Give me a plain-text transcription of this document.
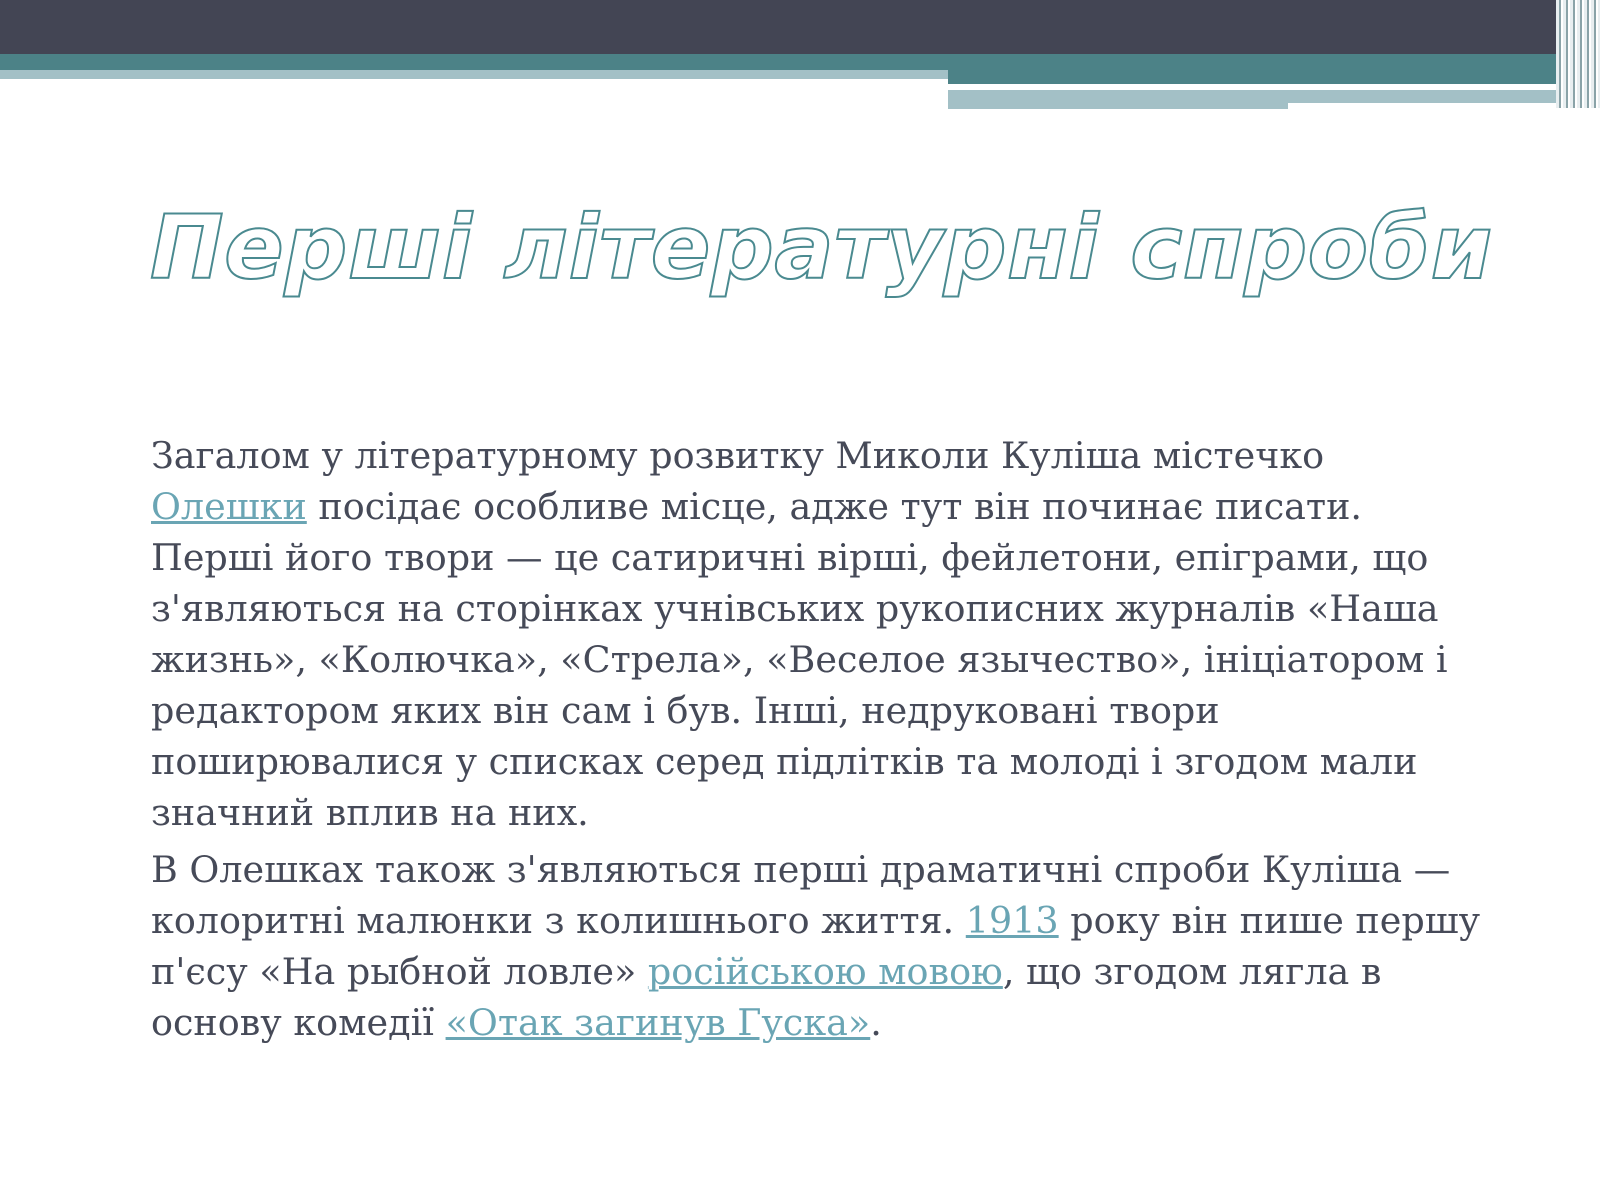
Перші літературні спроби

Загалом у літературному розвитку Миколи Куліша містечко Олешки посідає особливе місце, адже тут він починає писати. Перші його твори — це сатиричні вірші, фейлетони, епіграми, що з'являються на сторінках учнівських рукописних журналів «Наша жизнь», «Колючка», «Стрела», «Веселое язычество», ініціатором і редактором яких він сам і був. Інші, недруковані твори поширювалися у списках серед підлітків та молоді і згодом мали значний вплив на них.

В Олешках також з'являються перші драматичні спроби Куліша — колоритні малюнки з колишнього життя. 1913 року він пише першу п'єсу «На рыбной ловле» російською мовою, що згодом лягла в основу комедії «Отак загинув Гуска».
